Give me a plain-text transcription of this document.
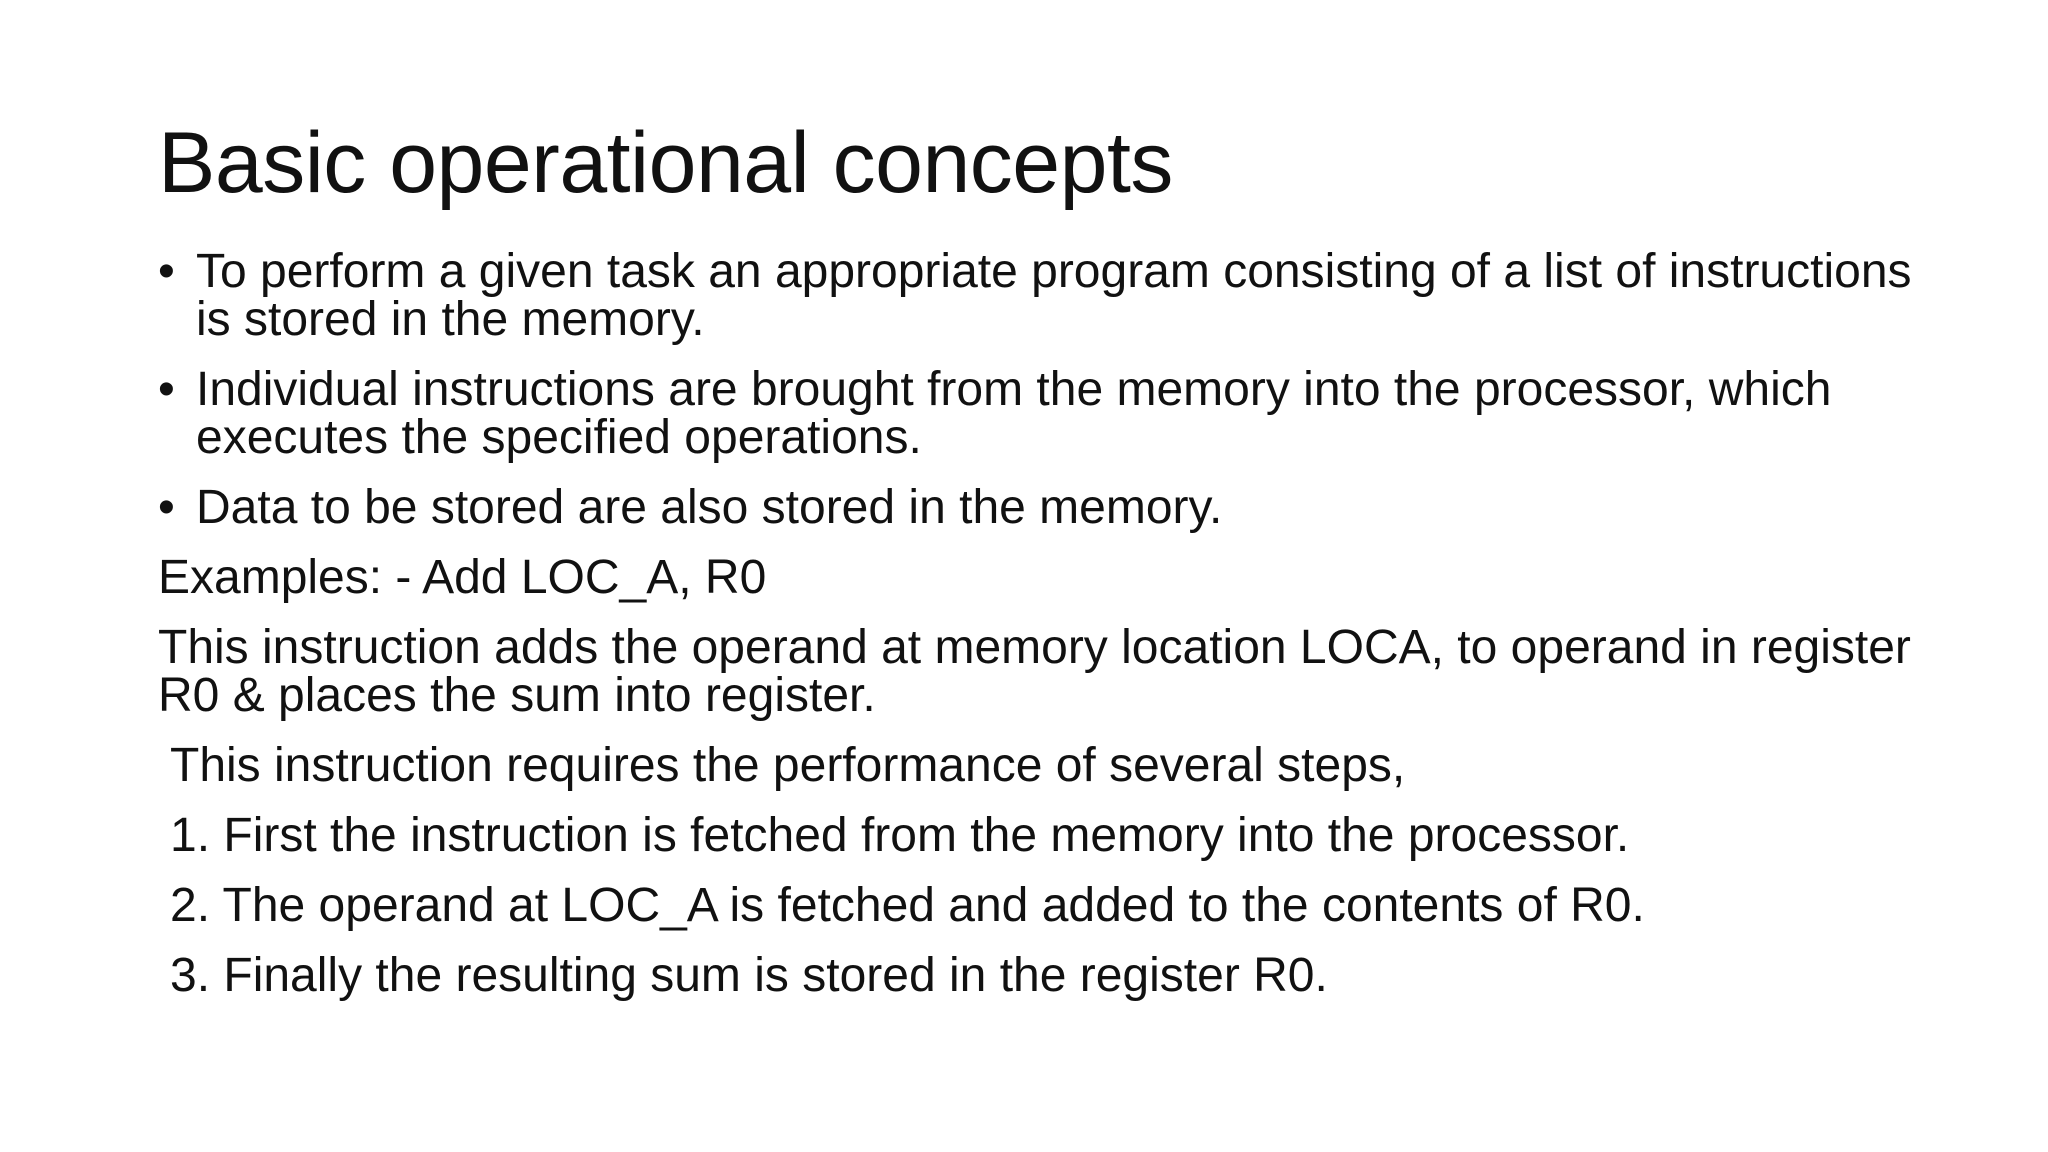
Basic operational concepts
• To perform a given task an appropriate program consisting of a list of instructions is stored in the memory.
• Individual instructions are brought from the memory into the processor, which executes the specified operations.
• Data to be stored are also stored in the memory.
Examples: - Add LOC_A, R0
This instruction adds the operand at memory location LOCA, to operand in register R0 & places the sum into register.
This instruction requires the performance of several steps,
1. First the instruction is fetched from the memory into the processor.
2. The operand at LOC_A is fetched and added to the contents of R0.
3. Finally the resulting sum is stored in the register R0.
